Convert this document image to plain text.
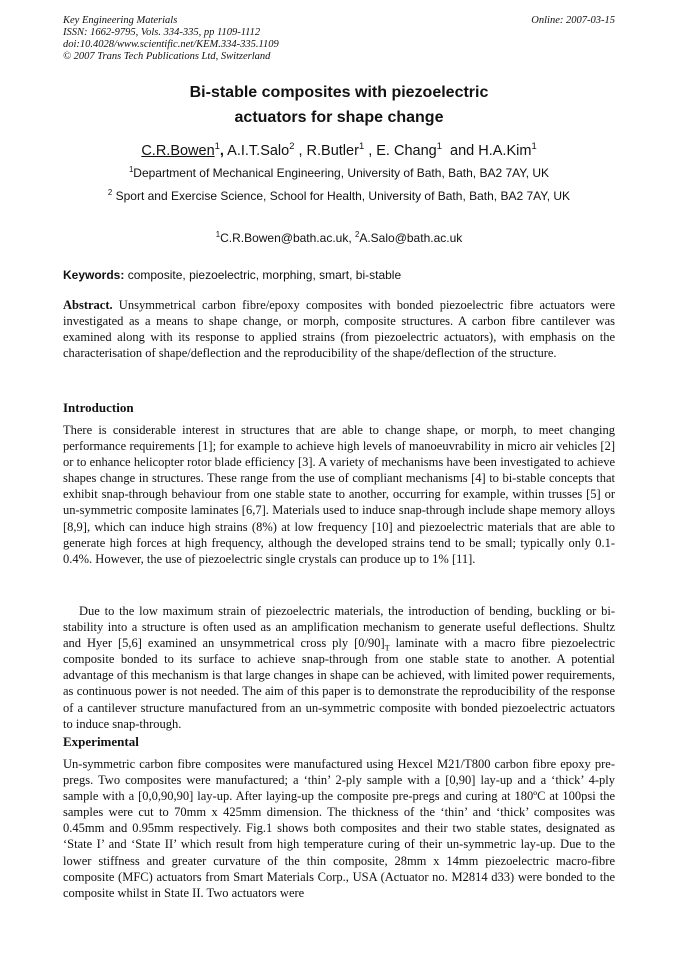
Key Engineering Materials
ISSN: 1662-9795, Vols. 334-335, pp 1109-1112
doi:10.4028/www.scientific.net/KEM.334-335.1109
© 2007 Trans Tech Publications Ltd, Switzerland
Online: 2007-03-15
Bi-stable composites with piezoelectric
actuators for shape change
C.R.Bowen$^1$, A.I.T.Salo$^2$ , R.Butler$^1$ , E. Chang$^1$ and H.A.Kim$^1$
$^1$Department of Mechanical Engineering, University of Bath, Bath, BA2 7AY, UK
$^2$ Sport and Exercise Science, School for Health, University of Bath, Bath, BA2 7AY, UK
$^1$C.R.Bowen@bath.ac.uk, $^2$A.Salo@bath.ac.uk
Keywords: composite, piezoelectric, morphing, smart, bi-stable
Abstract. Unsymmetrical carbon fibre/epoxy composites with bonded piezoelectric fibre actuators were investigated as a means to shape change, or morph, composite structures. A carbon fibre cantilever was examined along with its response to applied strains (from piezoelectric actuators), with emphasis on the characterisation of shape/deflection and the reproducibility of the shape/deflection of the structure.
Introduction
There is considerable interest in structures that are able to change shape, or morph, to meet changing performance requirements [1]; for example to achieve high levels of manoeuvrability in micro air vehicles [2] or to enhance helicopter rotor blade efficiency [3]. A variety of mechanisms have been investigated to achieve shapes change in structures. These range from the use of compliant mechanisms [4] to bi-stable concepts that exhibit snap-through behaviour from one stable state to another, occurring for example, within trusses [5] or un-symmetric composite laminates [6,7]. Materials used to induce snap-through include shape memory alloys [8,9], which can induce high strains (8%) at low frequency [10] and piezoelectric materials that are able to generate high forces at high frequency, although the developed strains tend to be small; typically only 0.1-0.4%. However, the use of piezoelectric single crystals can produce up to 1% [11].
Due to the low maximum strain of piezoelectric materials, the introduction of bending, buckling or bi-stability into a structure is often used as an amplification mechanism to generate useful deflections. Shultz and Hyer [5,6] examined an unsymmetrical cross ply $[0/90]_T$ laminate with a macro fibre piezoelectric composite bonded to its surface to achieve snap-through from one stable state to another. A potential advantage of this mechanism is that large changes in shape can be achieved, with limited power requirements, as continuous power is not needed. The aim of this paper is to demonstrate the reproducibility of the response of a cantilever structure manufactured from an un-symmetric composite with bonded piezoelectric actuators to induce snap-through.
Experimental
Un-symmetric carbon fibre composites were manufactured using Hexcel M21/T800 carbon fibre epoxy pre-pregs. Two composites were manufactured; a ‘thin’ 2-ply sample with a [0,90] lay-up and a ‘thick’ 4-ply sample with a [0,0,90,90] lay-up. After laying-up the composite pre-pregs and curing at 180ºC at 100psi the samples were cut to 70mm x 425mm dimension. The thickness of the ‘thin’ and ‘thick’ composites was 0.45mm and 0.95mm respectively. Fig.1 shows both composites and their two stable states, designated as ‘State I’ and ‘State II’ which result from high temperature curing of their un-symmetric lay-up. Due to the lower stiffness and greater curvature of the thin composite, 28mm x 14mm piezoelectric macro-fibre composite (MFC) actuators from Smart Materials Corp., USA (Actuator no. M2814 d33) were bonded to the composite whilst in State II. Two actuators were
